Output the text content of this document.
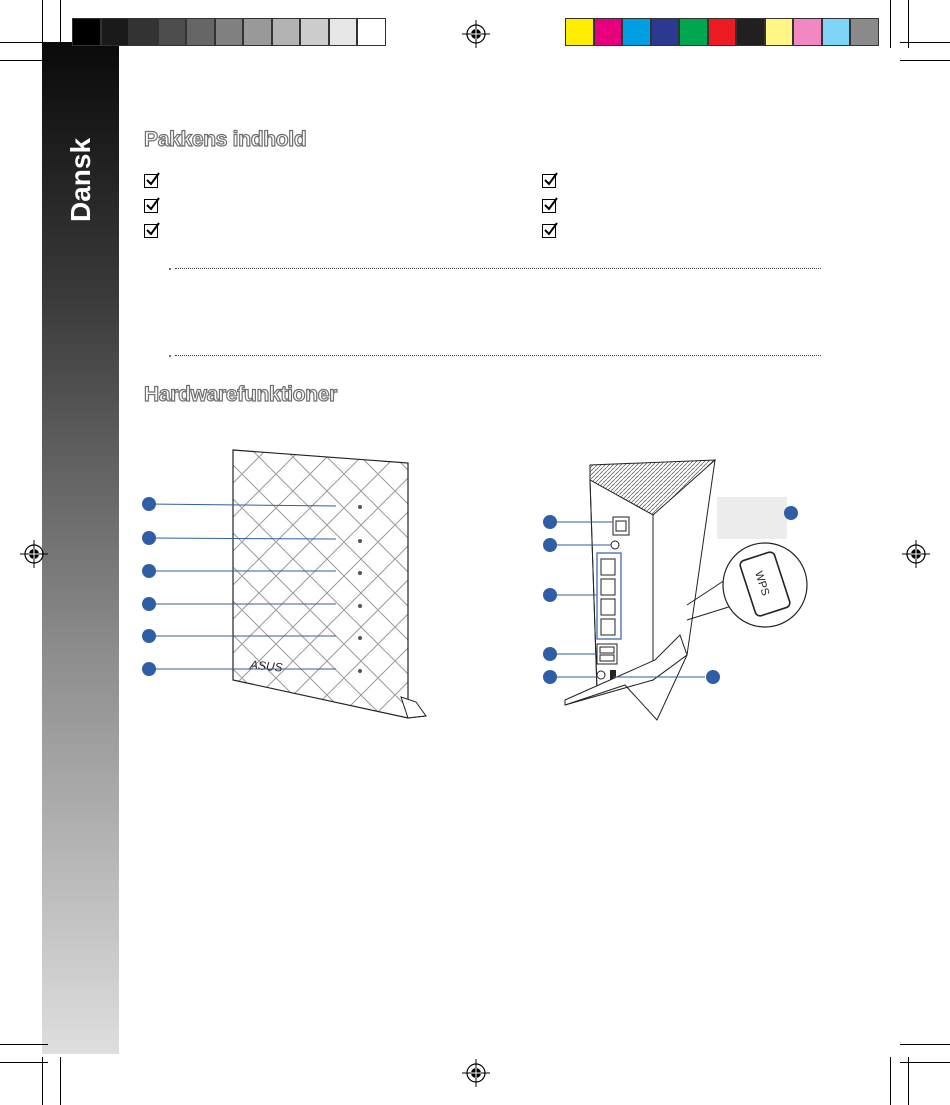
Dansk Pakkens indhold
Hardwarefunktioner
ASUS
WPS
